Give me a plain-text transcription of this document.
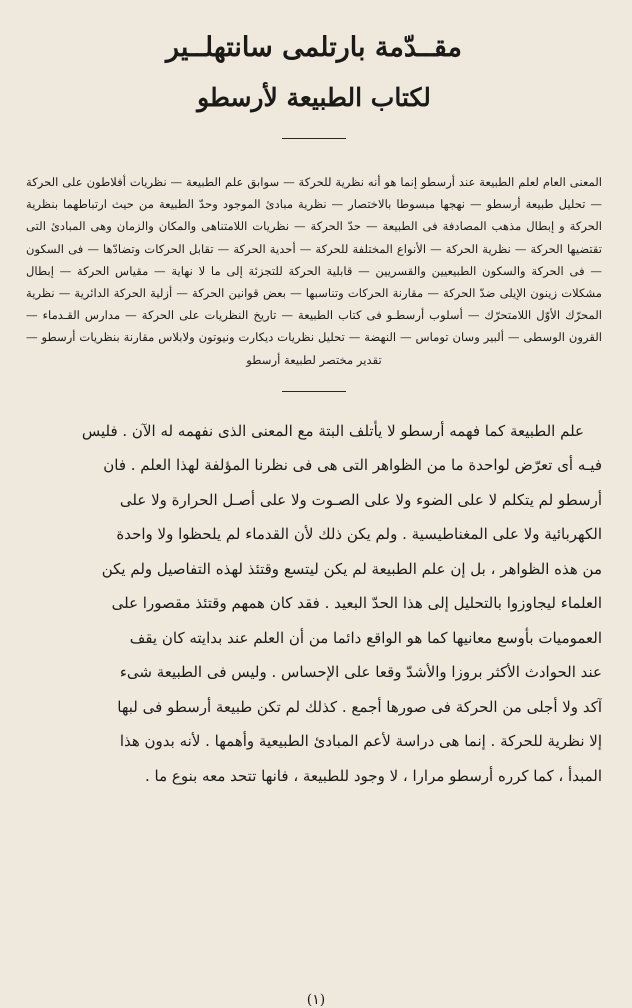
مقــدّمة بارتلمى سانتهلــير
لكتاب الطبيعة لأرسطو

المعنى العام لعلم الطبيعة عند أرسطو إنما هو أنه نظرية للحركة — سوابق علم الطبيعة — نظريات أفلاطون على الحركة — تحليل طبيعة أرسطو — نهجها مبسوطا بالاختصار — نظرية مبادئ الموجود وحدّ الطبيعة من حيث ارتباطهما بنظرية الحركة و إبطال مذهب المصادفة فى الطبيعة — حدّ الحركة — نظريات اللامتناهى والمكان والزمان وهى المبادئ التى تقتضيها الحركة — نظرية الحركة — الأنواع المختلفة للحركة — أحدية الحركة — تقابل الحركات وتضادّها — فى السكون — فى الحركة والسكون الطبيعيين والقسريين — قابلية الحركة للتجزئة إلى ما لا نهاية — مقياس الحركة — إبطال مشكلات زينون الإيلى ضدّ الحركة — مقارنة الحركات وتناسبها — بعض قوانين الحركة — أزلية الحركة الدائرية — نظرية المحرّك الأوّل اللامتحرّك — أسلوب أرسطـو فى كتاب الطبيعة — تاريخ النظريات على الحركة — مدارس القـدماء — القرون الوسطى — ألبير وسان توماس — النهضة — تحليل نظريات ديكارت ونيوتون ولابلاس مقارنة بنظريات أرسطو — تقدير مختصر لطبيعة أرسطو

علم الطبيعة كما فهمه أرسطو لا يأتلف البتة مع المعنى الذى نفهمه له الآن . فليس
فيـه أى تعرّض لواحدة ما من الظواهر التى هى فى نظرنا المؤلفة لهذا العلم . فان
أرسطو لم يتكلم لا على الضوء ولا على الصـوت ولا على أصـل الحرارة ولا على
الكهربائية ولا على المغناطيسية . ولم يكن ذلك لأن القدماء لم يلحظوا ولا واحدة
من هذه الظواهر ، بل إن علم الطبيعة لم يكن ليتسع وقتئذ لهذه التفاصيل ولم يكن
العلماء ليجاوزوا بالتحليل إلى هذا الحدّ البعيد . فقد كان همهم وقتئذ مقصورا على
العموميات بأوسع معانيها كما هو الواقع دائما من أن العلم عند بدايته كان يقف
عند الحوادث الأكثر بروزا والأشدّ وقعا على الإحساس . وليس فى الطبيعة شىء
آكد ولا أجلى من الحركة فى صورها أجمع . كذلك لم تكن طبيعة أرسطو فى لبها
إلا نظرية للحركة . إنما هى دراسة لأعم المبادئ الطبيعية وأهمها . لأنه بدون هذا
المبدأ ، كما كرره أرسطو مرارا ، لا وجود للطبيعة ، فانها تتحد معه بنوع ما .
(١)
